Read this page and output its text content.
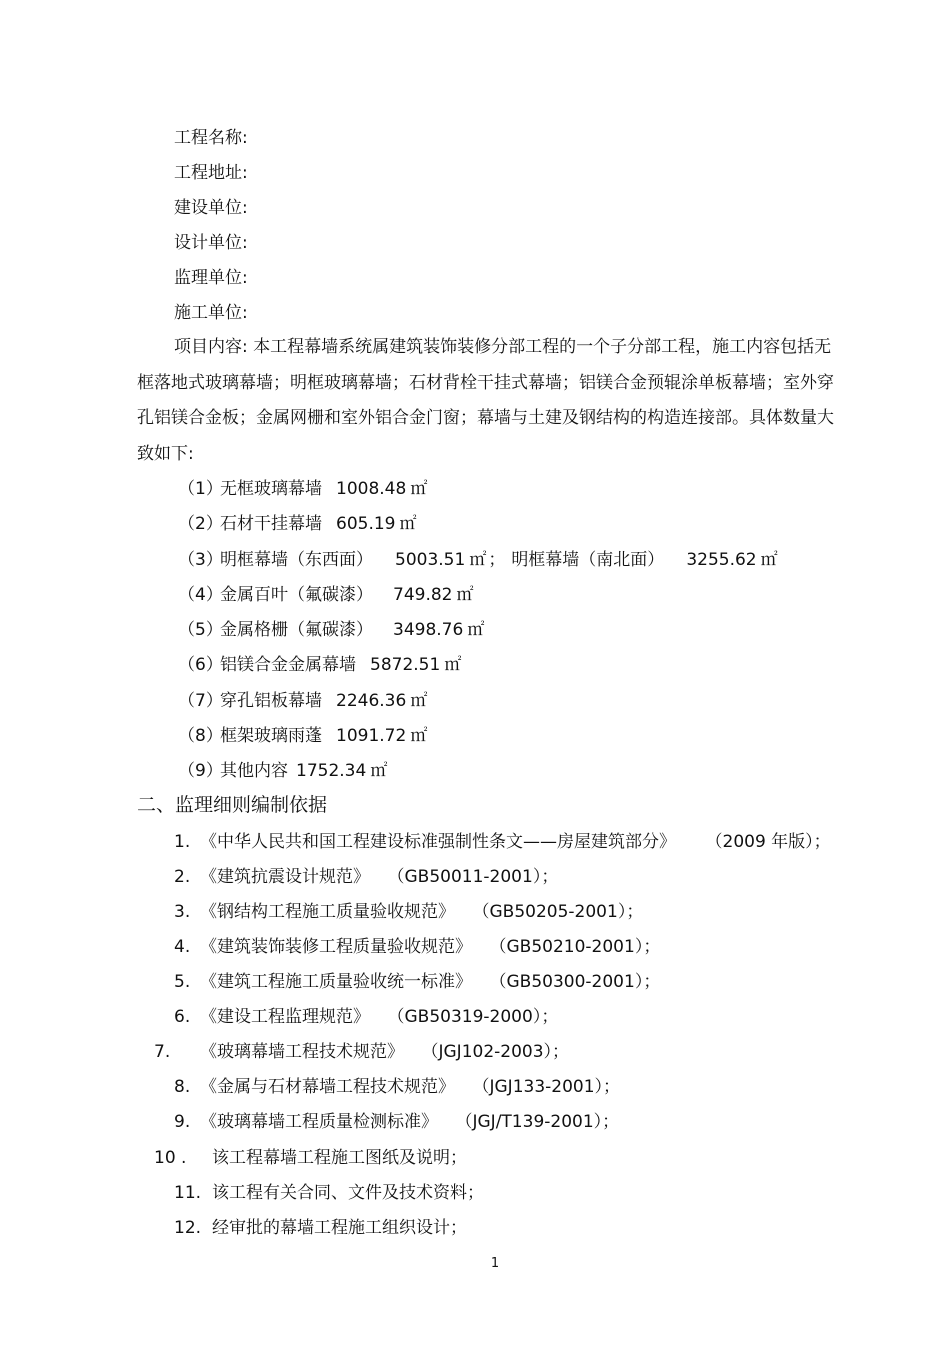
工程名称:
工程地址:
建设单位:
设计单位:
监理单位:
施工单位:
项目内容: 本工程幕墙系统属建筑装饰装修分部工程的一个子分部工程，施工内容包括无框落地式玻璃幕墙；明框玻璃幕墙；石材背栓干挂式幕墙；铝镁合金预辊涂单板幕墙；室外穿孔铝镁合金板；金属网栅和室外铝合金门窗；幕墙与土建及钢结构的构造连接部。具体数量大致如下:
（1）无框玻璃幕墙 1008.48 ㎡
（2）石材干挂幕墙 605.19 ㎡
（3）明框幕墙（东西面） 5003.51 ㎡ ； 明框幕墙（南北面） 3255.62 ㎡
（4）金属百叶（氟碳漆） 749.82 ㎡
（5）金属格栅（氟碳漆） 3498.76 ㎡
（6）铝镁合金金属幕墙 5872.51 ㎡
（7）穿孔铝板幕墙 2246.36 ㎡
（8）框架玻璃雨蓬 1091.72 ㎡
（9）其他内容 1752.34 ㎡
二、监理细则编制依据
1. 《中华人民共和国工程建设标准强制性条文——房屋建筑部分》 （2009 年版）；
2. 《建筑抗震设计规范》 （GB50011-2001）；
3. 《钢结构工程施工质量验收规范》 （GB50205-2001）；
4. 《建筑装饰装修工程质量验收规范》 （GB50210-2001）；
5. 《建筑工程施工质量验收统一标准》 （GB50300-2001）；
6. 《建设工程监理规范》 （GB50319-2000）；
7. 《玻璃幕墙工程技术规范》 （JGJ102-2003）；
8. 《金属与石材幕墙工程技术规范》 （JGJ133-2001）；
9. 《玻璃幕墙工程质量检测标准》 （JGJ/T139-2001）；
10 . 该工程幕墙工程施工图纸及说明；
11. 该工程有关合同、文件及技术资料；
12. 经审批的幕墙工程施工组织设计；
1
